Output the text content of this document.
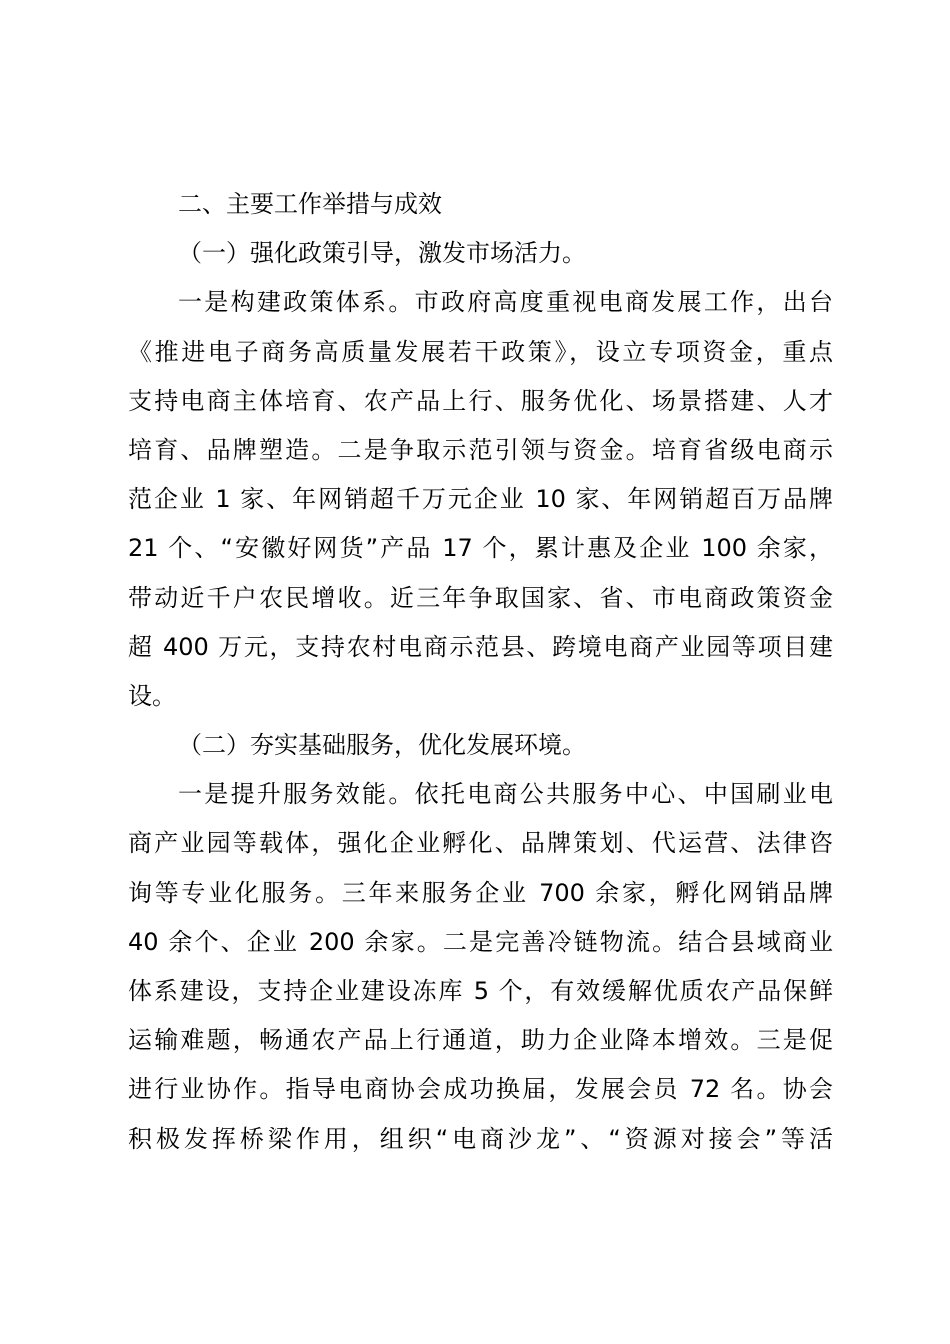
二、主要工作举措与成效
（一）强化政策引导，激发市场活力。
一是构建政策体系。市政府高度重视电商发展工作，出台
《推进电子商务高质量发展若干政策》，设立专项资金，重点
支持电商主体培育、农产品上行、服务优化、场景搭建、人才
培育、品牌塑造。二是争取示范引领与资金。培育省级电商示
范企业 1 家、年网销超千万元企业 10 家、年网销超百万品牌
21 个、“安徽好网货”产品 17 个，累计惠及企业 100 余家，
带动近千户农民增收。近三年争取国家、省、市电商政策资金
超 400 万元，支持农村电商示范县、跨境电商产业园等项目建
设。
（二）夯实基础服务，优化发展环境。
一是提升服务效能。依托电商公共服务中心、中国刷业电
商产业园等载体，强化企业孵化、品牌策划、代运营、法律咨
询等专业化服务。三年来服务企业 700 余家，孵化网销品牌
40 余个、企业 200 余家。二是完善冷链物流。结合县域商业
体系建设，支持企业建设冻库 5 个，有效缓解优质农产品保鲜
运输难题，畅通农产品上行通道，助力企业降本增效。三是促
进行业协作。指导电商协会成功换届，发展会员 72 名。协会
积极发挥桥梁作用，组织“电商沙龙”、“资源对接会”等活
